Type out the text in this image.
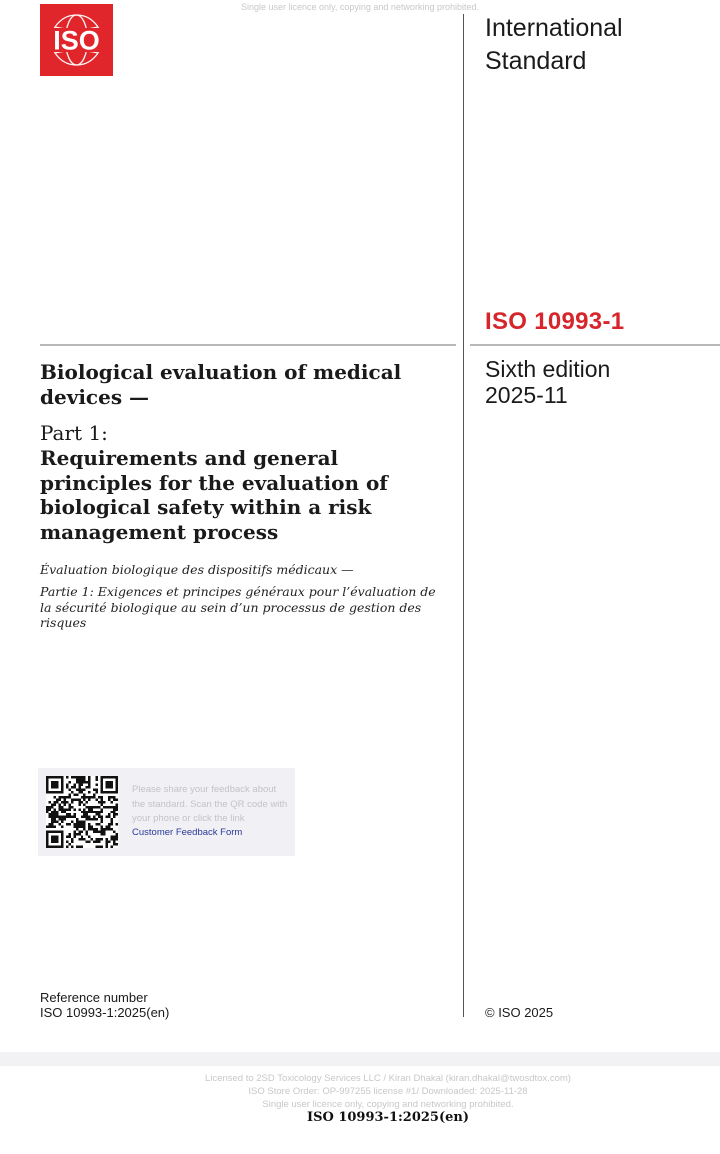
Single user licence only, copying and networking prohibited.
ISO	International Standard
ISO 10993-1
Sixth edition
2025-11
Biological evaluation of medical devices —
Part 1:
Requirements and general principles for the evaluation of biological safety within a risk management process
Évaluation biologique des dispositifs médicaux —
Partie 1: Exigences et principes généraux pour l’évaluation de la sécurité biologique au sein d’un processus de gestion des risques
Please share your feedback about the standard. Scan the QR code with your phone or click the link
Customer Feedback Form
Reference number
ISO 10993-1:2025(en)	© ISO 2025
Licensed to 2SD Toxicology Services LLC / Kiran Dhakal (kiran.dhakal@twosdtox.com)
ISO Store Order: OP-997255 license #1/ Downloaded: 2025-11-28
Single user licence only, copying and networking prohibited.
ISO 10993-1:2025(en)
